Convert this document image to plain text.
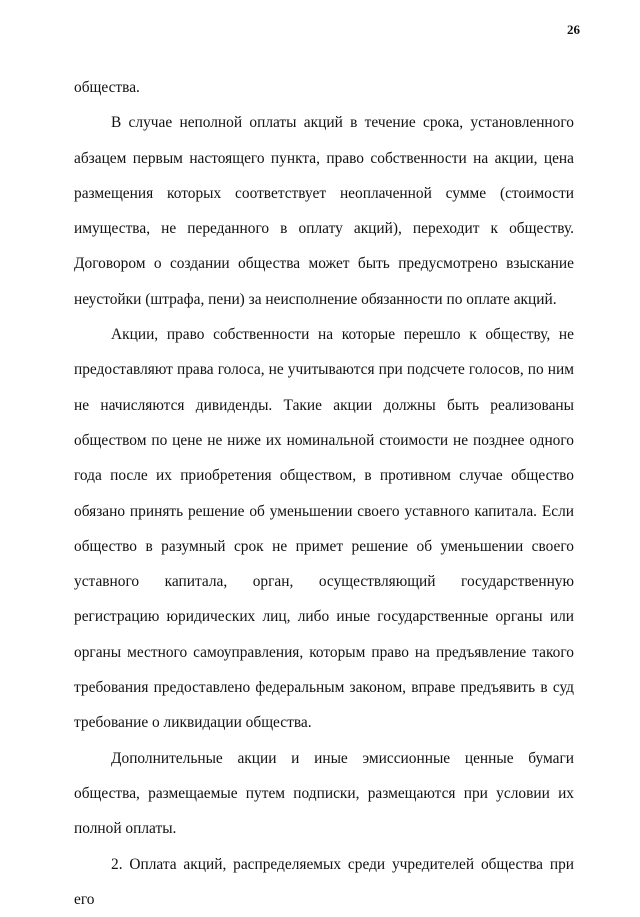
26

общества.

В случае неполной оплаты акций в течение срока, установленного абзацем первым настоящего пункта, право собственности на акции, цена размещения которых соответствует неоплаченной сумме (стоимости имущества, не переданного в оплату акций), переходит к обществу. Договором о создании общества может быть предусмотрено взыскание неустойки (штрафа, пени) за неисполнение обязанности по оплате акций.

Акции, право собственности на которые перешло к обществу, не предоставляют права голоса, не учитываются при подсчете голосов, по ним не начисляются дивиденды. Такие акции должны быть реализованы обществом по цене не ниже их номинальной стоимости не позднее одного года после их приобретения обществом, в противном случае общество обязано принять решение об уменьшении своего уставного капитала. Если общество в разумный срок не примет решение об уменьшении своего уставного капитала, орган, осуществляющий государственную регистрацию юридических лиц, либо иные государственные органы или органы местного самоуправления, которым право на предъявление такого требования предоставлено федеральным законом, вправе предъявить в суд требование о ликвидации общества.

Дополнительные акции и иные эмиссионные ценные бумаги общества, размещаемые путем подписки, размещаются при условии их полной оплаты.

2. Оплата акций, распределяемых среди учредителей общества при его
